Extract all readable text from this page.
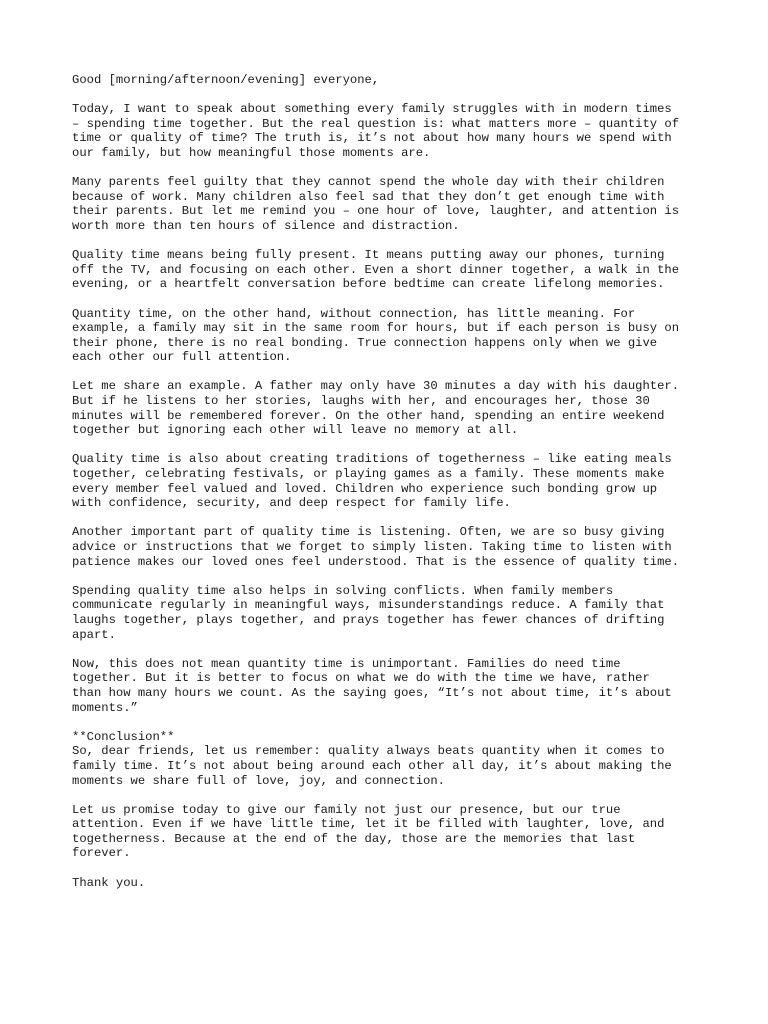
Good [morning/afternoon/evening] everyone,
Today, I want to speak about something every family struggles with in modern times
– spending time together. But the real question is: what matters more – quantity of
time or quality of time? The truth is, it’s not about how many hours we spend with
our family, but how meaningful those moments are.
Many parents feel guilty that they cannot spend the whole day with their children
because of work. Many children also feel sad that they don’t get enough time with
their parents. But let me remind you – one hour of love, laughter, and attention is
worth more than ten hours of silence and distraction.
Quality time means being fully present. It means putting away our phones, turning
off the TV, and focusing on each other. Even a short dinner together, a walk in the
evening, or a heartfelt conversation before bedtime can create lifelong memories.
Quantity time, on the other hand, without connection, has little meaning. For
example, a family may sit in the same room for hours, but if each person is busy on
their phone, there is no real bonding. True connection happens only when we give
each other our full attention.
Let me share an example. A father may only have 30 minutes a day with his daughter.
But if he listens to her stories, laughs with her, and encourages her, those 30
minutes will be remembered forever. On the other hand, spending an entire weekend
together but ignoring each other will leave no memory at all.
Quality time is also about creating traditions of togetherness – like eating meals
together, celebrating festivals, or playing games as a family. These moments make
every member feel valued and loved. Children who experience such bonding grow up
with confidence, security, and deep respect for family life.
Another important part of quality time is listening. Often, we are so busy giving
advice or instructions that we forget to simply listen. Taking time to listen with
patience makes our loved ones feel understood. That is the essence of quality time.
Spending quality time also helps in solving conflicts. When family members
communicate regularly in meaningful ways, misunderstandings reduce. A family that
laughs together, plays together, and prays together has fewer chances of drifting
apart.
Now, this does not mean quantity time is unimportant. Families do need time
together. But it is better to focus on what we do with the time we have, rather
than how many hours we count. As the saying goes, “It’s not about time, it’s about
moments.”
**Conclusion**
So, dear friends, let us remember: quality always beats quantity when it comes to
family time. It’s not about being around each other all day, it’s about making the
moments we share full of love, joy, and connection.
Let us promise today to give our family not just our presence, but our true
attention. Even if we have little time, let it be filled with laughter, love, and
togetherness. Because at the end of the day, those are the memories that last
forever.
Thank you.
